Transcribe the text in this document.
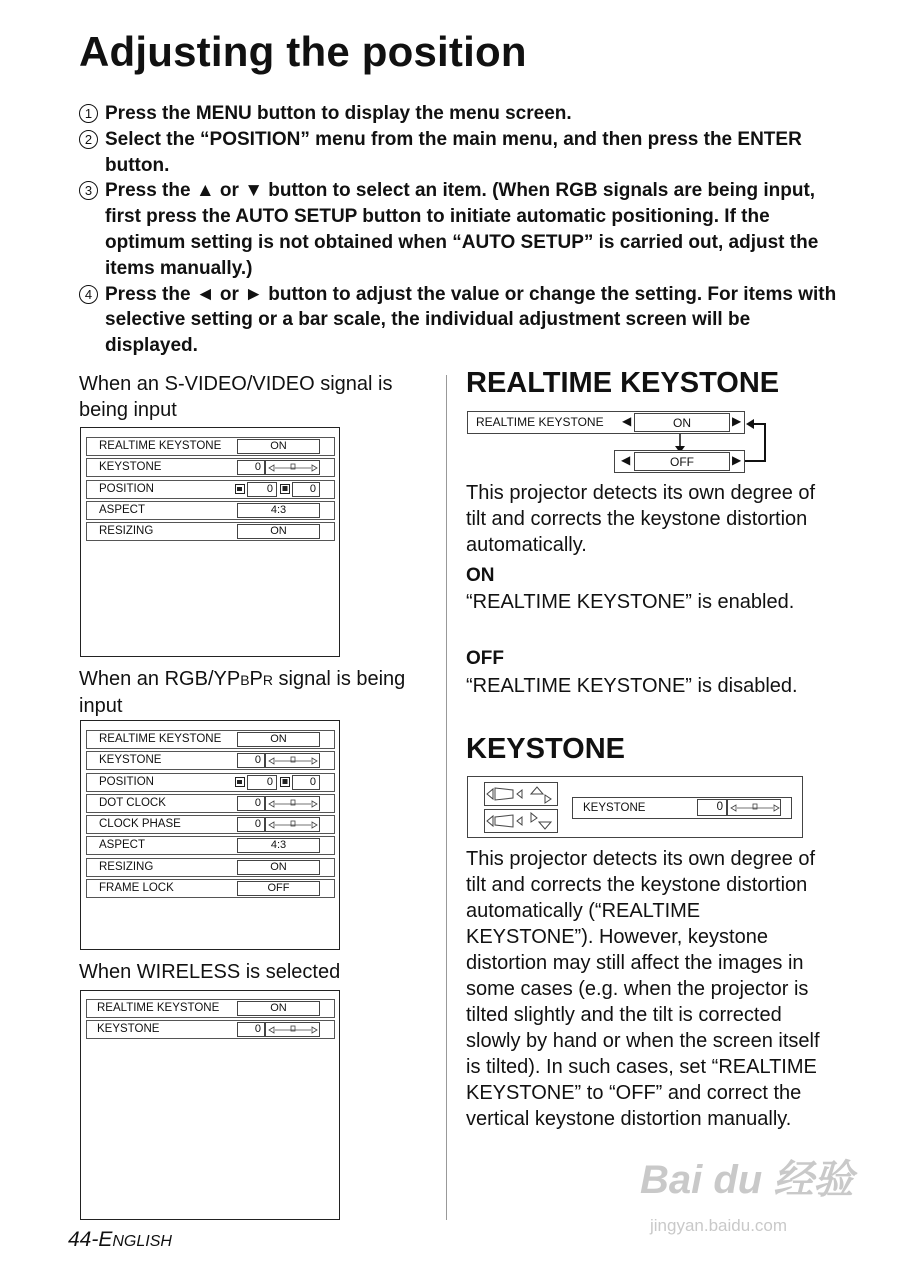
Adjusting the position
1 Press the MENU button to display the menu screen.
2 Select the “POSITION” menu from the main menu, and then press the ENTER button.
3 Press the ▲ or ▼ button to select an item. (When RGB signals are being input, first press the AUTO SETUP button to initiate automatic positioning. If the optimum setting is not obtained when “AUTO SETUP” is carried out, adjust the items manually.)
4 Press the ◄ or ► button to adjust the value or change the setting. For items with selective setting or a bar scale, the individual adjustment screen will be displayed.
When an S-VIDEO/VIDEO signal is being input
REALTIME KEYSTONE	ON
KEYSTONE	0
POSITION	0	0
ASPECT	4:3
RESIZING	ON
When an RGB/YPBPR signal is being input
REALTIME KEYSTONE	ON
KEYSTONE	0
POSITION	0	0
DOT CLOCK	0
CLOCK PHASE	0
ASPECT	4:3
RESIZING	ON
FRAME LOCK	OFF
When WIRELESS is selected
REALTIME KEYSTONE	ON
KEYSTONE	0
REALTIME KEYSTONE
REALTIME KEYSTONE ◀	ON	▶
◀	OFF	▶
This projector detects its own degree of tilt and corrects the keystone distortion automatically.
ON
“REALTIME KEYSTONE” is enabled.
OFF
“REALTIME KEYSTONE” is disabled.
KEYSTONE
KEYSTONE	0
This projector detects its own degree of tilt and corrects the keystone distortion automatically (“REALTIME KEYSTONE”). However, keystone distortion may still affect the images in some cases (e.g. when the projector is tilted slightly and the tilt is corrected slowly by hand or when the screen itself is tilted). In such cases, set “REALTIME KEYSTONE” to “OFF” and correct the vertical keystone distortion manually.
44-ENGLISH
Bai du 经验
jingyan.baidu.com
